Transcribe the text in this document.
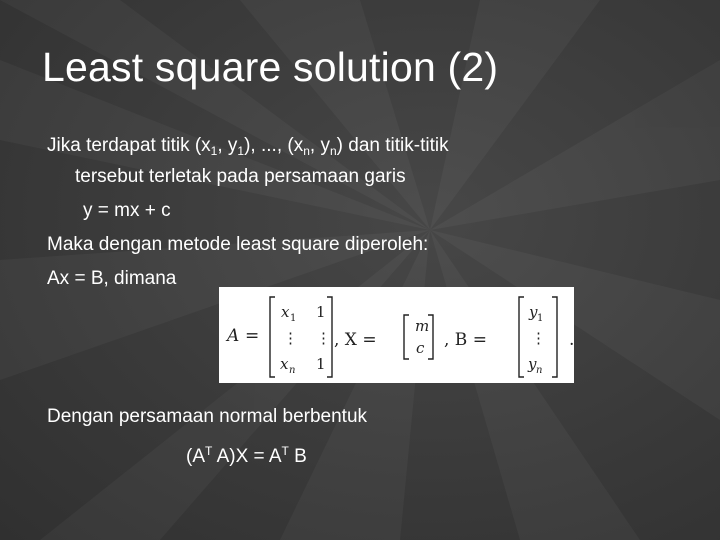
Least square solution (2)
Jika terdapat titik ($x_1$, $y_1$), ..., ($x_n$, $y_n$) dan titik-titik
tersebut terletak pada persamaan garis
y = mx + c
Maka dengan metode least square diperoleh:
Ax = B, dimana
A =
x 1 1
⋮ ⋮
x n 1
, X =
m
c , B =
y 1
⋮
y n
.
Dengan persamaan normal berbentuk
($A^T$ $A)X = A^T$ B
